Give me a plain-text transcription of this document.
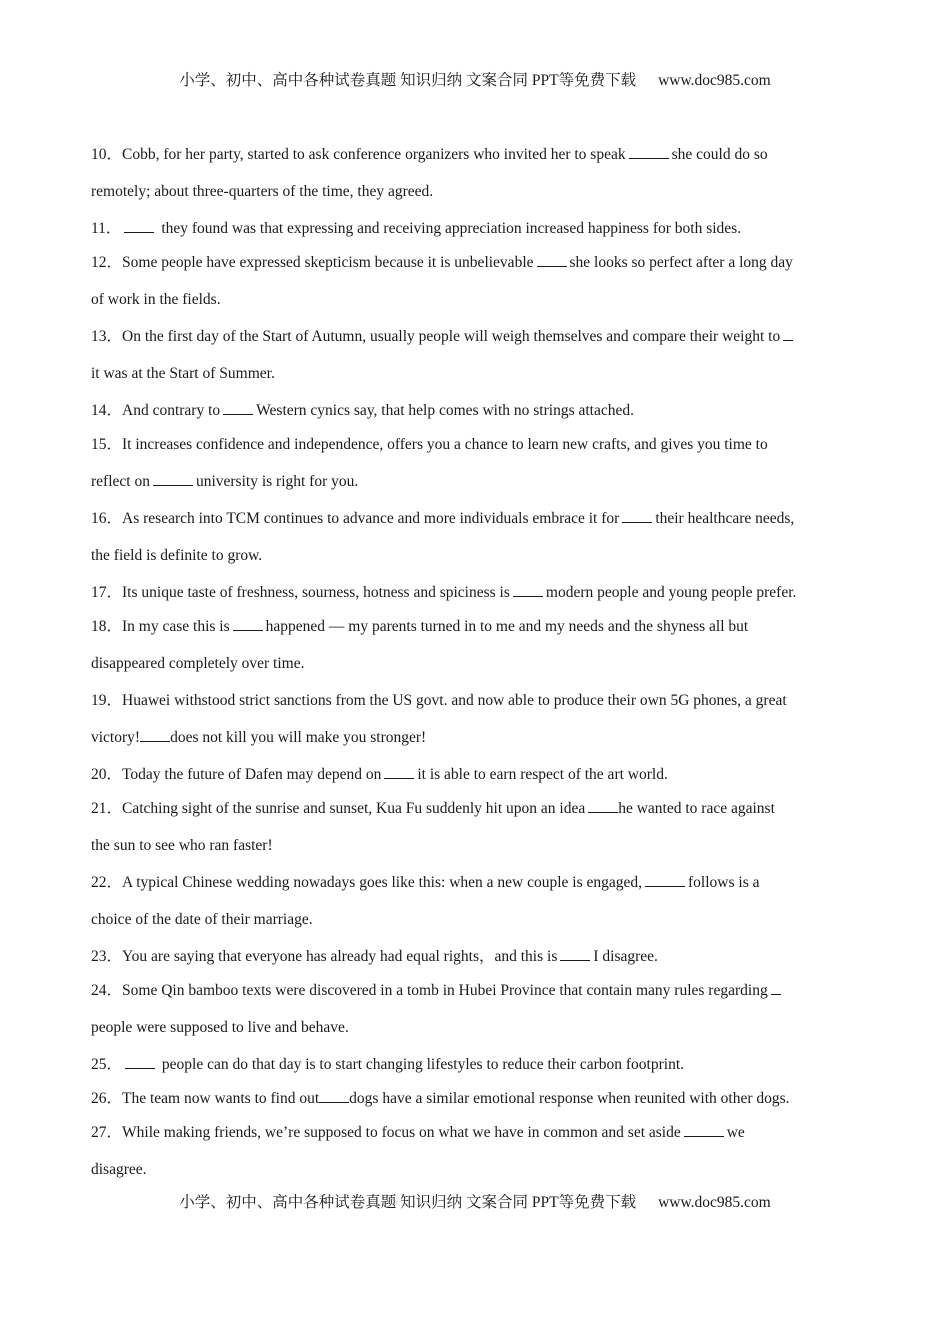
小学、初中、高中各种试卷真题 知识归纳 文案合同 PPT等免费下载 www.doc985.com
10．Cobb, for her party, started to ask conference organizers who invited her to speak	she could do so
remotely; about three-quarters of the time, they agreed.
11．	they found was that expressing and receiving appreciation increased happiness for both sides.
12．Some people have expressed skepticism because it is unbelievable she looks so perfect after a long day
of work in the fields.
13．On the first day of the Start of Autumn, usually people will weigh themselves and compare their weight to
it was at the Start of Summer.
14．And contrary to Western cynics say, that help comes with no strings attached.
15．It increases confidence and independence, offers you a chance to learn new crafts, and gives you time to
reflect on	university is right for you.
16．As research into TCM continues to advance and more individuals embrace it for their healthcare needs,
the field is definite to grow.
17．Its unique taste of freshness, sourness, hotness and spiciness is modern people and young people prefer.
18．In my case this is happened — my parents turned in to me and my needs and the shyness all but
disappeared completely over time.
19．Huawei withstood strict sanctions from the US govt. and now able to produce their own 5G phones, a great
victory! does not kill you will make you stronger!
20．Today the future of Dafen may depend on it is able to earn respect of the art world.
21．Catching sight of the sunrise and sunset, Kua Fu suddenly hit upon an idea he wanted to race against
the sun to see who ran faster!
22．A typical Chinese wedding nowadays goes like this: when a new couple is engaged,	follows is a
choice of the date of their marriage.
23．You are saying that everyone has already had equal rights，and this is I disagree.
24．Some Qin bamboo texts were discovered in a tomb in Hubei Province that contain many rules regarding
people were supposed to live and behave.
25．	people can do that day is to start changing lifestyles to reduce their carbon footprint.
26．The team now wants to find out dogs have a similar emotional response when reunited with other dogs.
27．While making friends, we’re supposed to focus on what we have in common and set aside	we
disagree.
小学、初中、高中各种试卷真题 知识归纳 文案合同 PPT等免费下载 www.doc985.com
